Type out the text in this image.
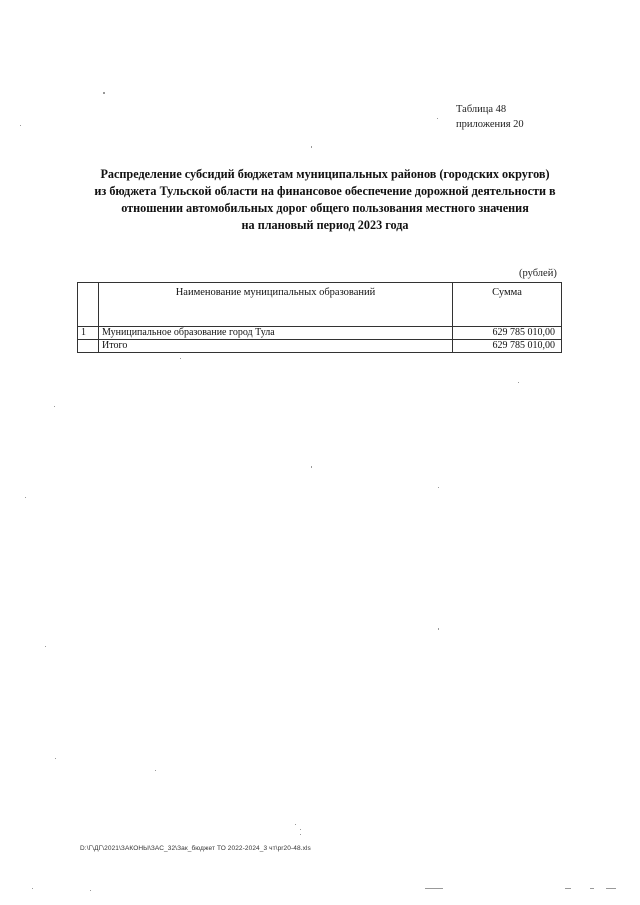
Таблица 48
приложения 20
Распределение субсидий бюджетам муниципальных районов (городских округов)
из бюджета Тульской области на финансовое обеспечение дорожной деятельности в
отношении автомобильных дорог общего пользования местного значения
на плановый период 2023 года
(рублей)
	Наименование муниципальных образований	Сумма
1	Муниципальное образование город Тула	629 785 010,00
	Итого	629 785 010,00
D:\Г\ДГ\2021\ЗАКОНЫ\ЗАС_32\Зак_бюджет ТО 2022-2024_3 чт\pr20-48.xls
